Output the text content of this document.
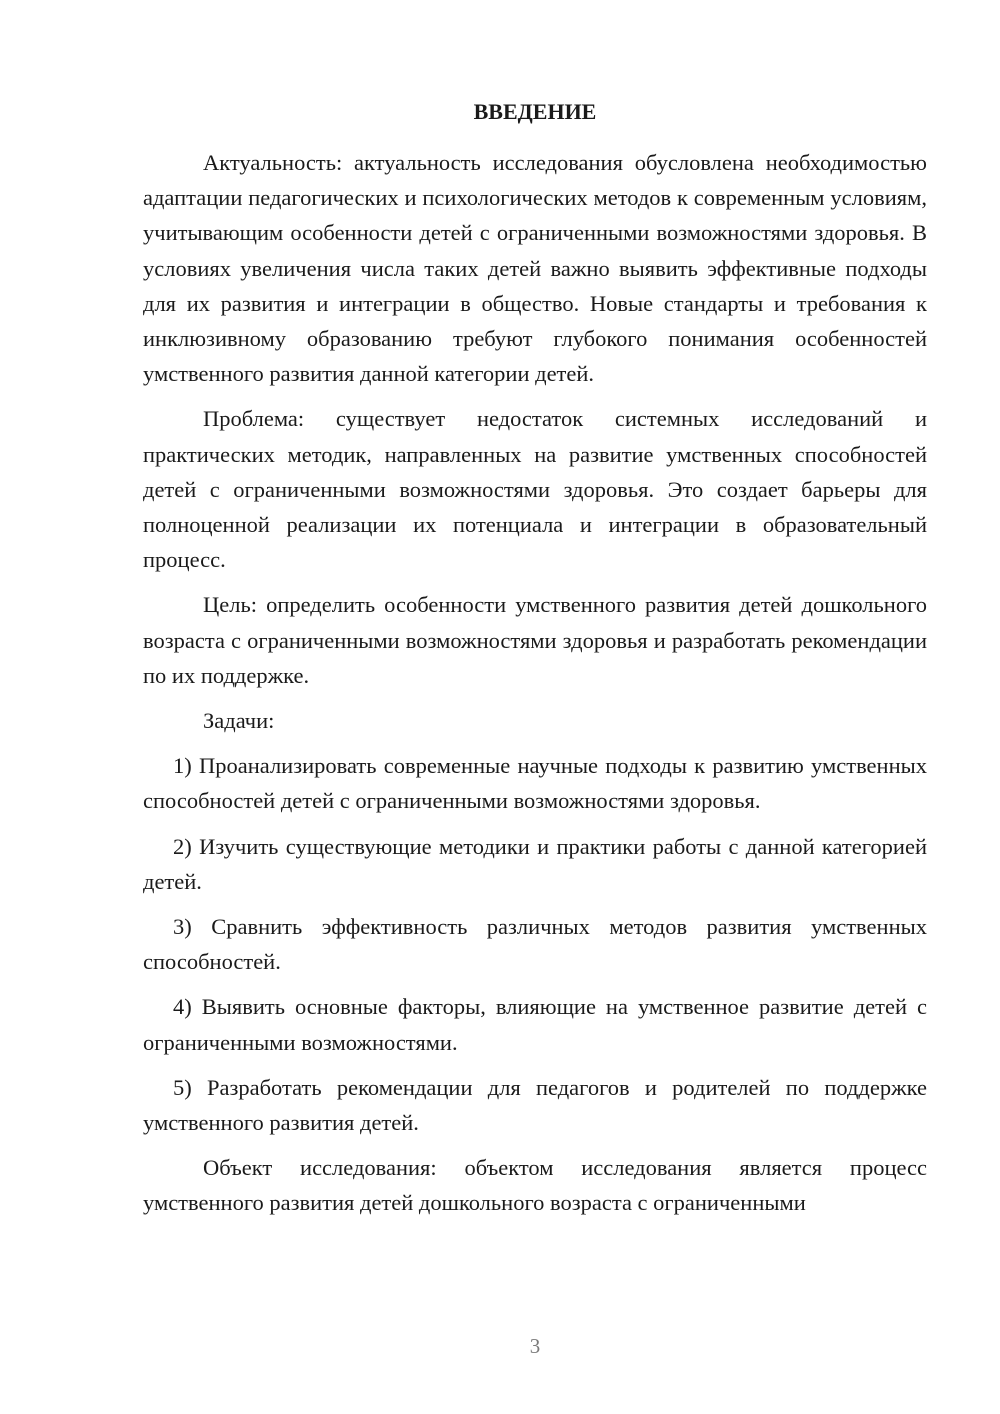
ВВЕДЕНИЕ

Актуальность: актуальность исследования обусловлена необходимостью адаптации педагогических и психологических методов к современным условиям, учитывающим особенности детей с ограниченными возможностями здоровья. В условиях увеличения числа таких детей важно выявить эффективные подходы для их развития и интеграции в общество. Новые стандарты и требования к инклюзивному образованию требуют глубокого понимания особенностей умственного развития данной категории детей.

Проблема: существует недостаток системных исследований и практических методик, направленных на развитие умственных способностей детей с ограниченными возможностями здоровья. Это создает барьеры для полноценной реализации их потенциала и интеграции в образовательный процесс.

Цель: определить особенности умственного развития детей дошкольного возраста с ограниченными возможностями здоровья и разработать рекомендации по их поддержке.

Задачи:

1) Проанализировать современные научные подходы к развитию умственных способностей детей с ограниченными возможностями здоровья.

2) Изучить существующие методики и практики работы с данной категорией детей.

3) Сравнить эффективность различных методов развития умственных способностей.

4) Выявить основные факторы, влияющие на умственное развитие детей с ограниченными возможностями.

5) Разработать рекомендации для педагогов и родителей по поддержке умственного развития детей.

Объект исследования: объектом исследования является процесс умственного развития детей дошкольного возраста с ограниченными

3
